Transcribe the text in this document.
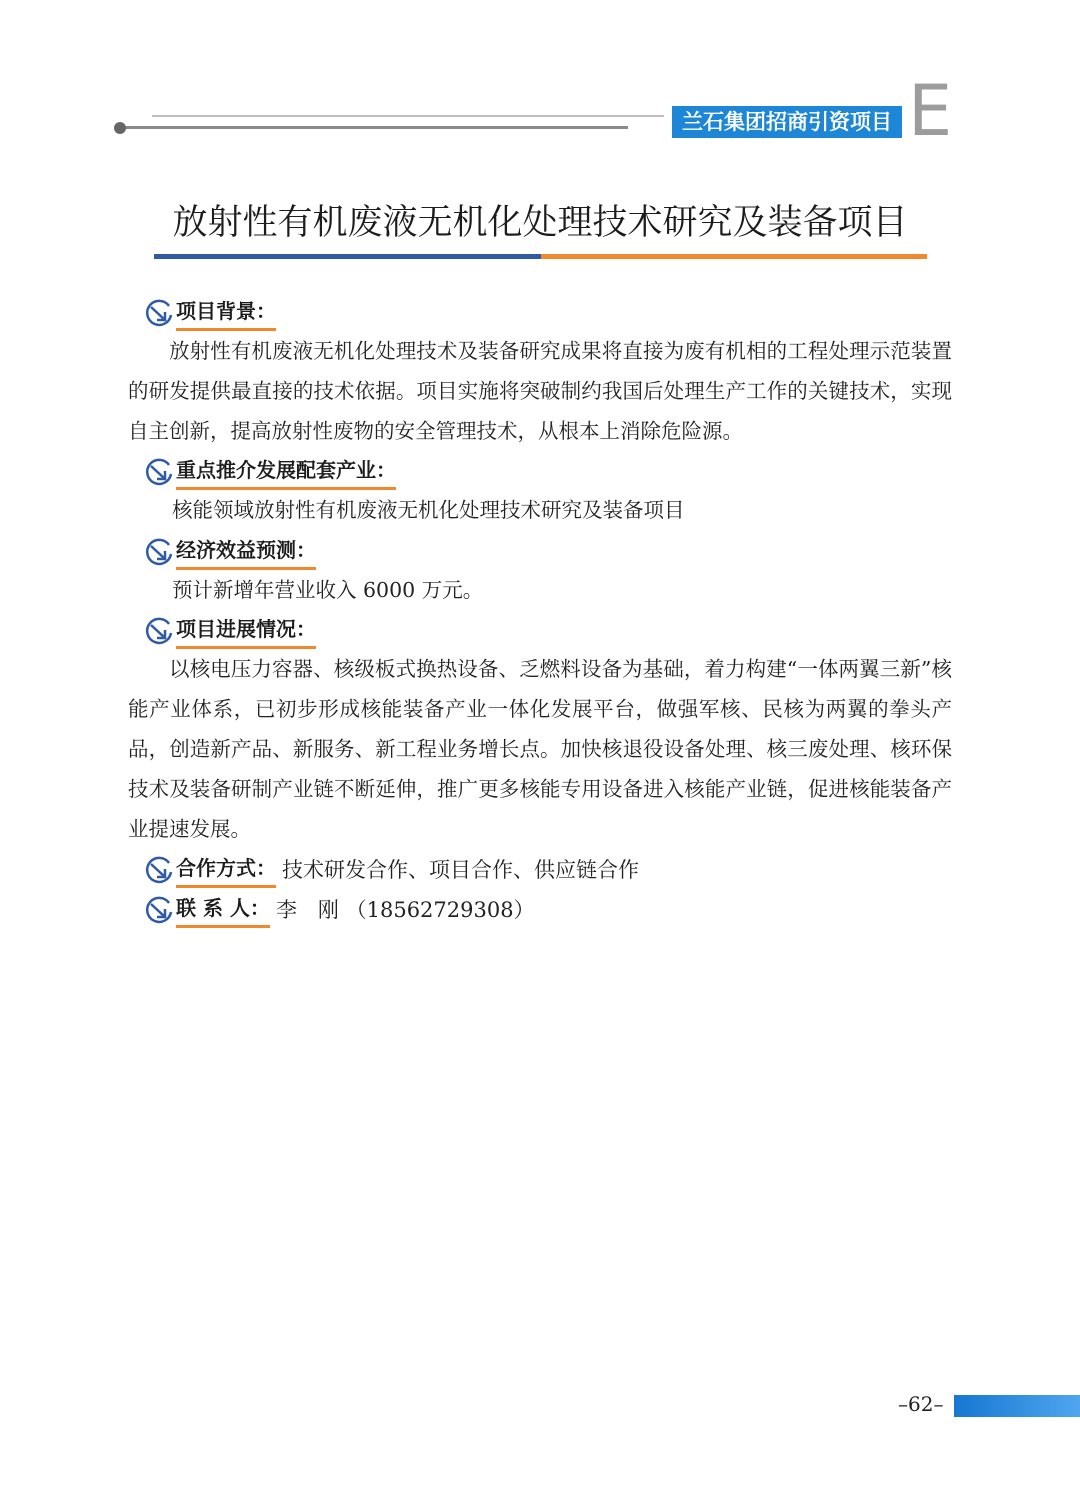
兰石集团招商引资项目 E
放射性有机废液无机化处理技术研究及装备项目
项目背景：
放射性有机废液无机化处理技术及装备研究成果将直接为废有机相的工程处理示范装置的研发提供最直接的技术依据。项目实施将突破制约我国后处理生产工作的关键技术，实现自主创新，提高放射性废物的安全管理技术，从根本上消除危险源。
重点推介发展配套产业：
核能领域放射性有机废液无机化处理技术研究及装备项目
经济效益预测：
预计新增年营业收入 6000 万元。
项目进展情况：
以核电压力容器、核级板式换热设备、乏燃料设备为基础，着力构建“一体两翼三新”核能产业体系，已初步形成核能装备产业一体化发展平台，做强军核、民核为两翼的拳头产品，创造新产品、新服务、新工程业务增长点。加快核退役设备处理、核三废处理、核环保技术及装备研制产业链不断延伸，推广更多核能专用设备进入核能产业链，促进核能装备产业提速发展。
合作方式： 技术研发合作、项目合作、供应链合作
联 系 人： 李　刚 （18562729308）
–62–
